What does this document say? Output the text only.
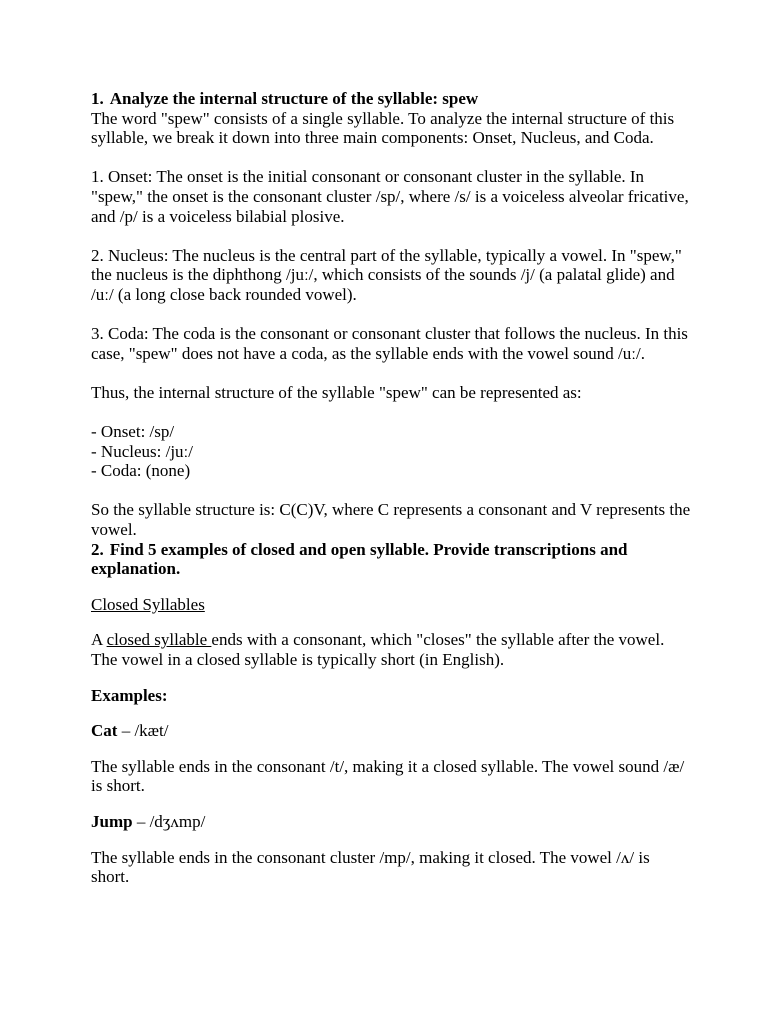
1. Analyze the internal structure of the syllable: spew

The word "spew" consists of a single syllable. To analyze the internal structure of this syllable, we break it down into three main components: Onset, Nucleus, and Coda.

1. Onset: The onset is the initial consonant or consonant cluster in the syllable. In "spew," the onset is the consonant cluster /sp/, where /s/ is a voiceless alveolar fricative, and /p/ is a voiceless bilabial plosive.

2. Nucleus: The nucleus is the central part of the syllable, typically a vowel. In "spew," the nucleus is the diphthong /juː/, which consists of the sounds /j/ (a palatal glide) and /uː/ (a long close back rounded vowel).

3. Coda: The coda is the consonant or consonant cluster that follows the nucleus. In this case, "spew" does not have a coda, as the syllable ends with the vowel sound /uː/.

Thus, the internal structure of the syllable "spew" can be represented as:

- Onset: /sp/

- Nucleus: /juː/

- Coda: (none)

So the syllable structure is: C(C)V, where C represents a consonant and V represents the vowel.

2. Find 5 examples of closed and open syllable. Provide transcriptions and explanation.

Closed Syllables

A closed syllable ends with a consonant, which "closes" the syllable after the vowel. The vowel in a closed syllable is typically short (in English).

Examples:

Cat – /kæt/

The syllable ends in the consonant /t/, making it a closed syllable. The vowel sound /æ/ is short.

Jump – /dʒʌmp/

The syllable ends in the consonant cluster /mp/, making it closed. The vowel /ʌ/ is short.
